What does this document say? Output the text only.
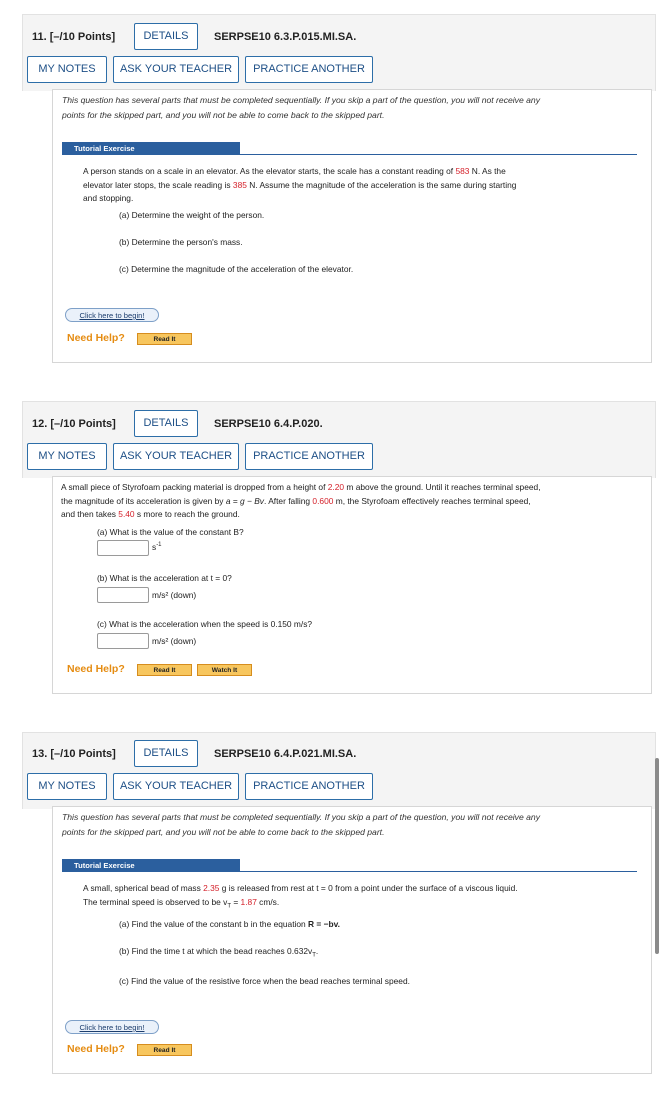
11. [–/10 Points]	DETAILS	SERPSE10 6.3.P.015.MI.SA.
MY NOTES	ASK YOUR TEACHER	PRACTICE ANOTHER
This question has several parts that must be completed sequentially. If you skip a part of the question, you will not receive any
points for the skipped part, and you will not be able to come back to the skipped part.
Tutorial Exercise
A person stands on a scale in an elevator. As the elevator starts, the scale has a constant reading of 583 N. As the
elevator later stops, the scale reading is 385 N. Assume the magnitude of the acceleration is the same during starting
and stopping.
(a) Determine the weight of the person.
(b) Determine the person's mass.
(c) Determine the magnitude of the acceleration of the elevator.
Click here to begin!
Need Help?	Read It
12. [–/10 Points]	DETAILS	SERPSE10 6.4.P.020.
MY NOTES	ASK YOUR TEACHER	PRACTICE ANOTHER
A small piece of Styrofoam packing material is dropped from a height of 2.20 m above the ground. Until it reaches terminal speed,
the magnitude of its acceleration is given by a = g − Bv. After falling 0.600 m, the Styrofoam effectively reaches terminal speed,
and then takes 5.40 s more to reach the ground.
(a) What is the value of the constant B?
$s^{-1}$
(b) What is the acceleration at t = 0?
m/s² (down)
(c) What is the acceleration when the speed is 0.150 m/s?
m/s² (down)
Need Help?	Read It	Watch It
13. [–/10 Points]	DETAILS	SERPSE10 6.4.P.021.MI.SA.
MY NOTES	ASK YOUR TEACHER	PRACTICE ANOTHER
This question has several parts that must be completed sequentially. If you skip a part of the question, you will not receive any
points for the skipped part, and you will not be able to come back to the skipped part.
Tutorial Exercise
A small, spherical bead of mass 2.35 g is released from rest at t = 0 from a point under the surface of a viscous liquid.
The terminal speed is observed to be $v_T = 1.87$ cm/s.
(a) Find the value of the constant b in the equation R = −bv.
(b) Find the time t at which the bead reaches $0.632v_T$.
(c) Find the value of the resistive force when the bead reaches terminal speed.
Click here to begin!
Need Help?	Read It
